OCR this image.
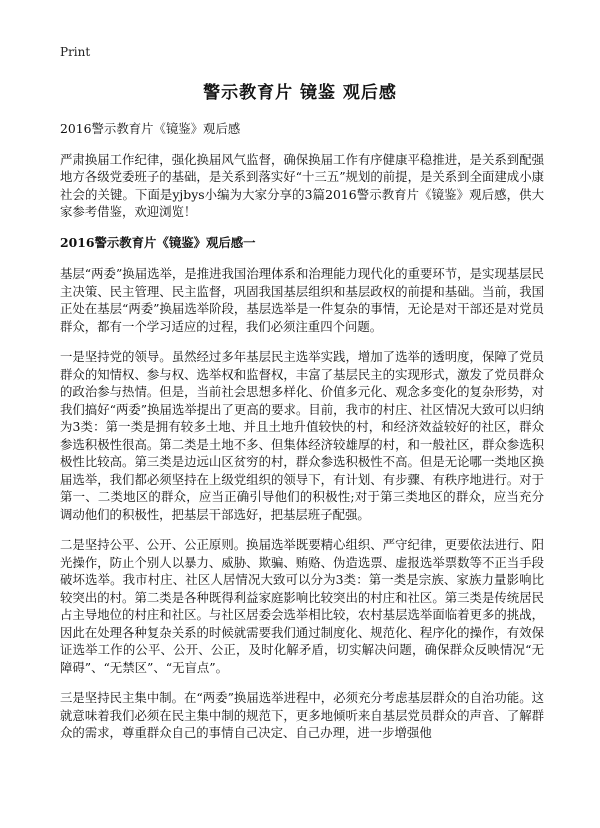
Print
警示教育片 镜鉴 观后感

2016警示教育片《镜鉴》观后感

严肃换届工作纪律，强化换届风气监督，确保换届工作有序健康平稳推进，是关系到配强地方各级党委班子的基础，是关系到落实好“十三五”规划的前提，是关系到全面建成小康社会的关键。下面是yjbys小编为大家分享的3篇2016警示教育片《镜鉴》观后感，供大家参考借鉴，欢迎浏览！

2016警示教育片《镜鉴》观后感一

基层“两委”换届选举，是推进我国治理体系和治理能力现代化的重要环节，是实现基层民主决策、民主管理、民主监督，巩固我国基层组织和基层政权的前提和基础。当前，我国正处在基层“两委”换届选举阶段，基层选举是一件复杂的事情，无论是对干部还是对党员群众，都有一个学习适应的过程，我们必须注重四个问题。

一是坚持党的领导。虽然经过多年基层民主选举实践，增加了选举的透明度，保障了党员群众的知情权、参与权、选举权和监督权，丰富了基层民主的实现形式，激发了党员群众的政治参与热情。但是，当前社会思想多样化、价值多元化、观念多变化的复杂形势，对我们搞好“两委”换届选举提出了更高的要求。目前，我市的村庄、社区情况大致可以归纳为3类：第一类是拥有较多土地、并且土地升值较快的村，和经济效益较好的社区，群众参选积极性很高。第二类是土地不多、但集体经济较雄厚的村，和一般社区，群众参选积极性比较高。第三类是边远山区贫穷的村，群众参选积极性不高。但是无论哪一类地区换届选举，我们都必须坚持在上级党组织的领导下，有计划、有步骤、有秩序地进行。对于第一、二类地区的群众，应当正确引导他们的积极性;对于第三类地区的群众，应当充分调动他们的积极性，把基层干部选好，把基层班子配强。

二是坚持公平、公开、公正原则。换届选举既要精心组织、严守纪律，更要依法进行、阳光操作，防止个别人以暴力、威胁、欺骗、贿赂、伪造选票、虚报选举票数等不正当手段破坏选举。我市村庄、社区人居情况大致可以分为3类：第一类是宗族、家族力量影响比较突出的村。第二类是各种既得利益家庭影响比较突出的村庄和社区。第三类是传统居民占主导地位的村庄和社区。与社区居委会选举相比较，农村基层选举面临着更多的挑战，因此在处理各种复杂关系的时候就需要我们通过制度化、规范化、程序化的操作，有效保证选举工作的公平、公开、公正，及时化解矛盾，切实解决问题，确保群众反映情况“无障碍”、“无禁区”、“无盲点”。

三是坚持民主集中制。在“两委”换届选举进程中，必须充分考虑基层群众的自治功能。这就意味着我们必须在民主集中制的规范下，更多地倾听来自基层党员群众的声音、了解群众的需求，尊重群众自己的事情自己决定、自己办理，进一步增强他
